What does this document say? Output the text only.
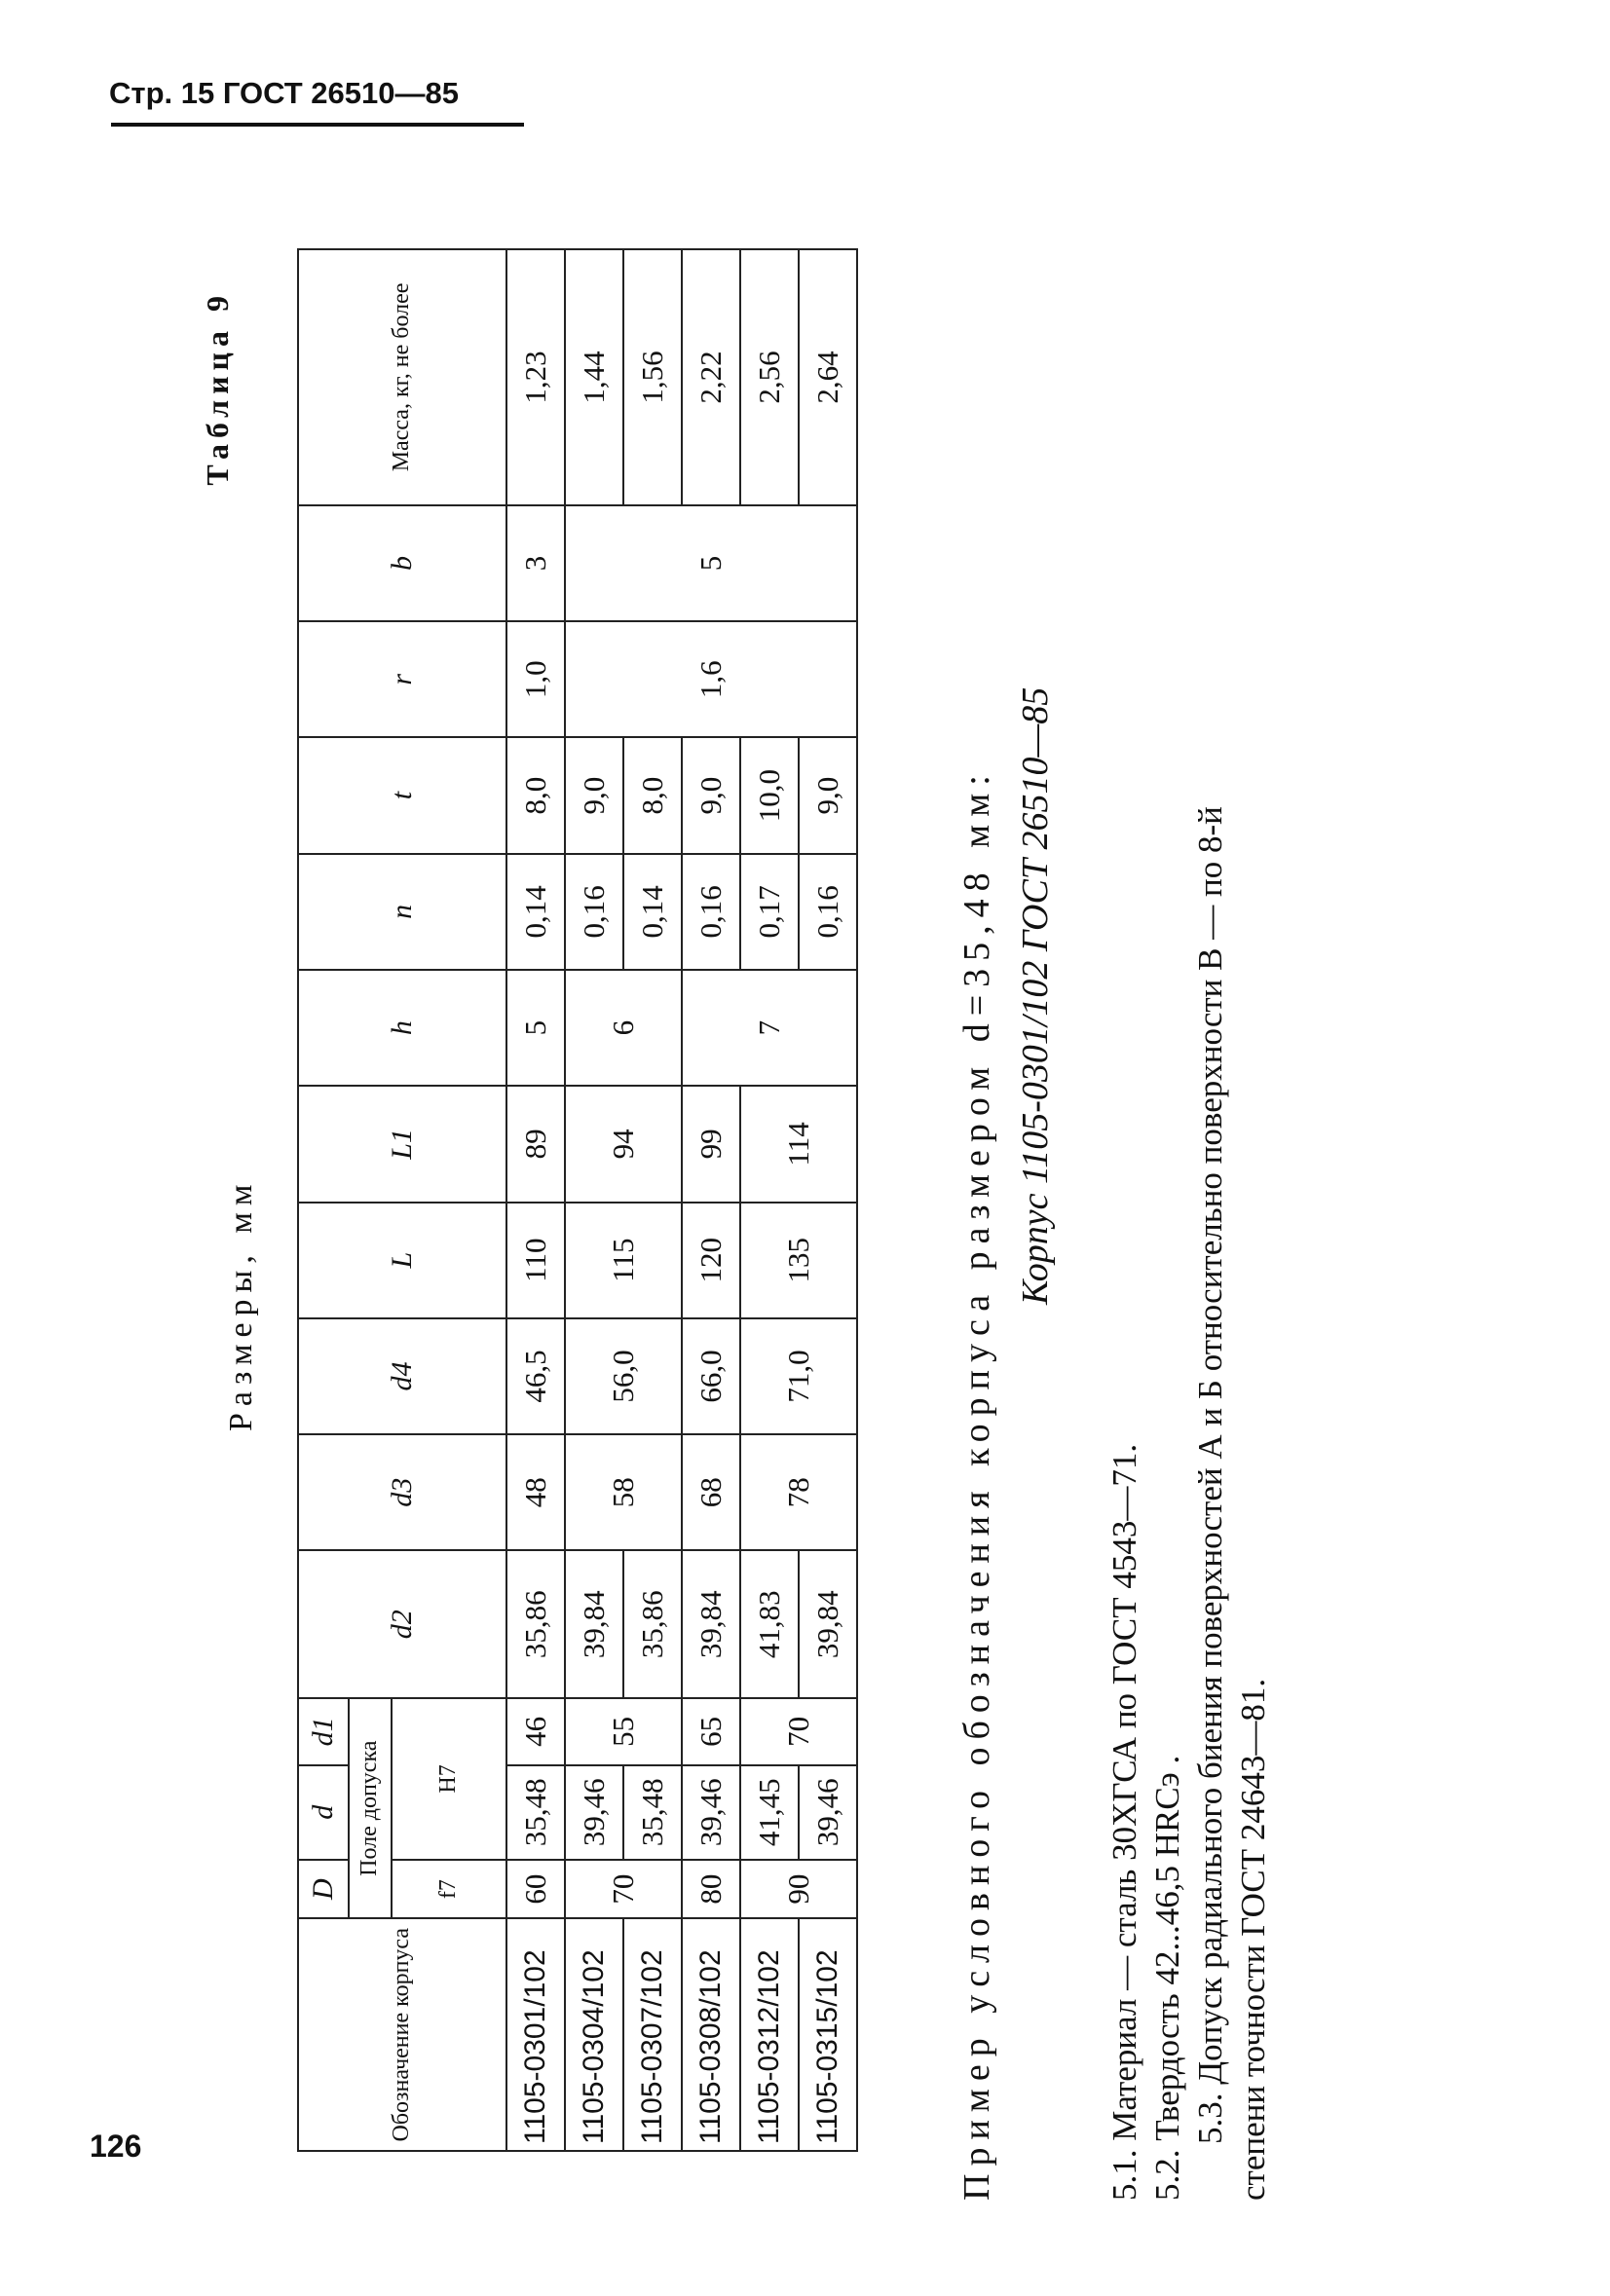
Стр. 15 ГОСТ 26510—85
126
Таблица 9
Размеры, мм
Обозначение корпуса	D	d	d1	d2	d3	d4	L	L1	h	n	t	r	b	Масса, кг, не более
	Поле допуска													
	f7	H7												
1105-0301/102	60	35,48	46	35,86	48	46,5	110	89	5	0,14	8,0	1,0	3	1,23
1105-0304/102	70	39,46	55	39,84	58	56,0	115	94	6	0,16	9,0	1,6	5	1,44
1105-0307/102		35,48		35,86						0,14	8,0			1,56
1105-0308/102	80	39,46	65	39,84	68	66,0	120	99	7	0,16	9,0			2,22
1105-0312/102	90	41,45	70	41,83	78	71,0	135	114		0,17	10,0			2,56
1105-0315/102		39,46		39,84						0,16	9,0			2,64
Пример условного обозначения корпуса размером d=35,48 мм: Корпус 1105-0301/102 ГОСТ 26510—85
5.1. Материал — сталь 30ХГСА по ГОСТ 4543—71. 5.2. Твердость 42...46,5 HRCэ . 5.3. Допуск радиального биения поверхностей А и Б относительно поверхности В — по 8-й степени точности ГОСТ 24643—81.
